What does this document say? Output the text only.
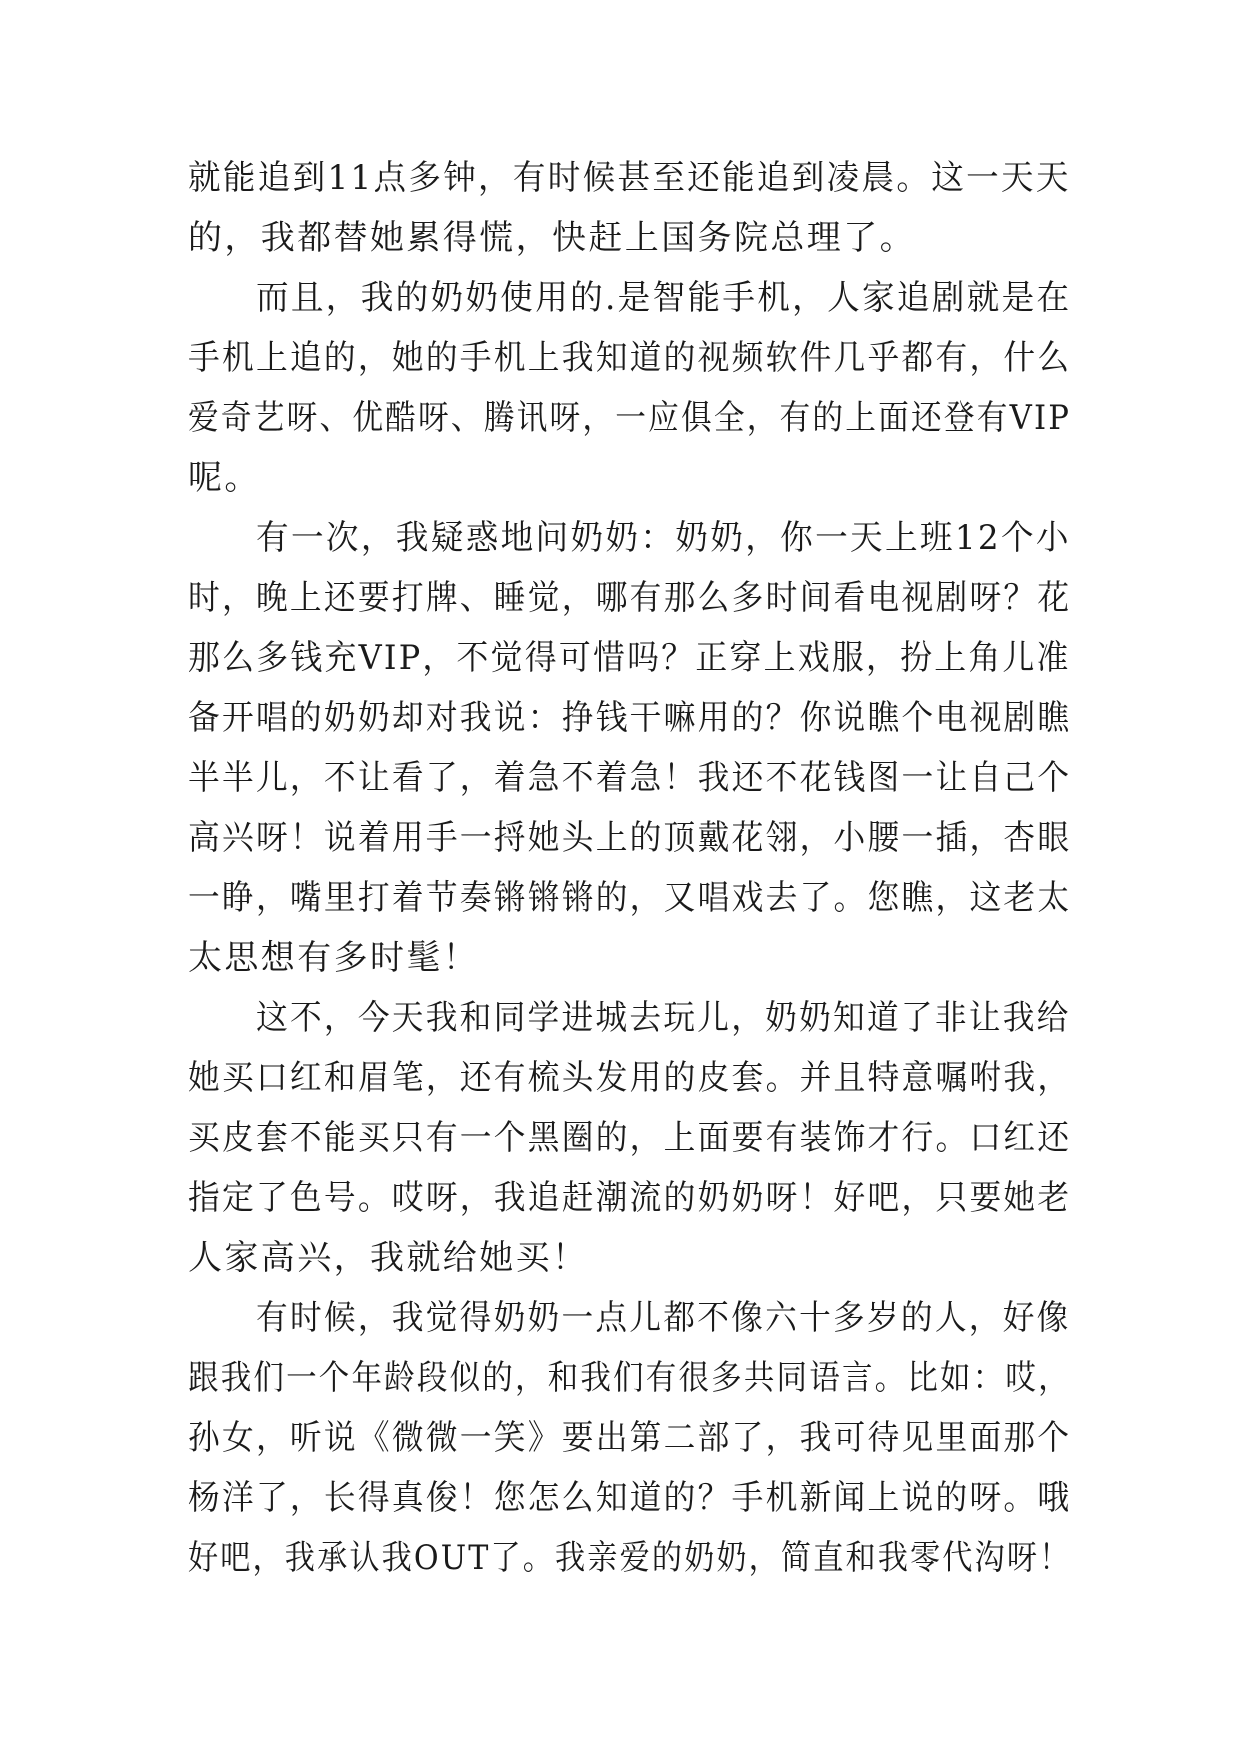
就能追到11点多钟，有时候甚至还能追到凌晨。这一天天
的，我都替她累得慌，快赶上国务院总理了。
而且，我的奶奶使用的.是智能手机，人家追剧就是在
手机上追的，她的手机上我知道的视频软件几乎都有，什么
爱奇艺呀、优酷呀、腾讯呀，一应俱全，有的上面还登有VIP
呢。
有一次，我疑惑地问奶奶：奶奶，你一天上班12个小
时，晚上还要打牌、睡觉，哪有那么多时间看电视剧呀？花
那么多钱充VIP，不觉得可惜吗？正穿上戏服，扮上角儿准
备开唱的奶奶却对我说：挣钱干嘛用的？你说瞧个电视剧瞧
半半儿，不让看了，着急不着急！我还不花钱图一让自己个
高兴呀！说着用手一捋她头上的顶戴花翎，小腰一插，杏眼
一睁，嘴里打着节奏锵锵锵的，又唱戏去了。您瞧，这老太
太思想有多时髦！
这不，今天我和同学进城去玩儿，奶奶知道了非让我给
她买口红和眉笔，还有梳头发用的皮套。并且特意嘱咐我，
买皮套不能买只有一个黑圈的，上面要有装饰才行。口红还
指定了色号。哎呀，我追赶潮流的奶奶呀！好吧，只要她老
人家高兴，我就给她买！
有时候，我觉得奶奶一点儿都不像六十多岁的人，好像
跟我们一个年龄段似的，和我们有很多共同语言。比如：哎，
孙女，听说《微微一笑》要出第二部了，我可待见里面那个
杨洋了，长得真俊！您怎么知道的？手机新闻上说的呀。哦
好吧，我承认我OUT了。我亲爱的奶奶，简直和我零代沟呀！
